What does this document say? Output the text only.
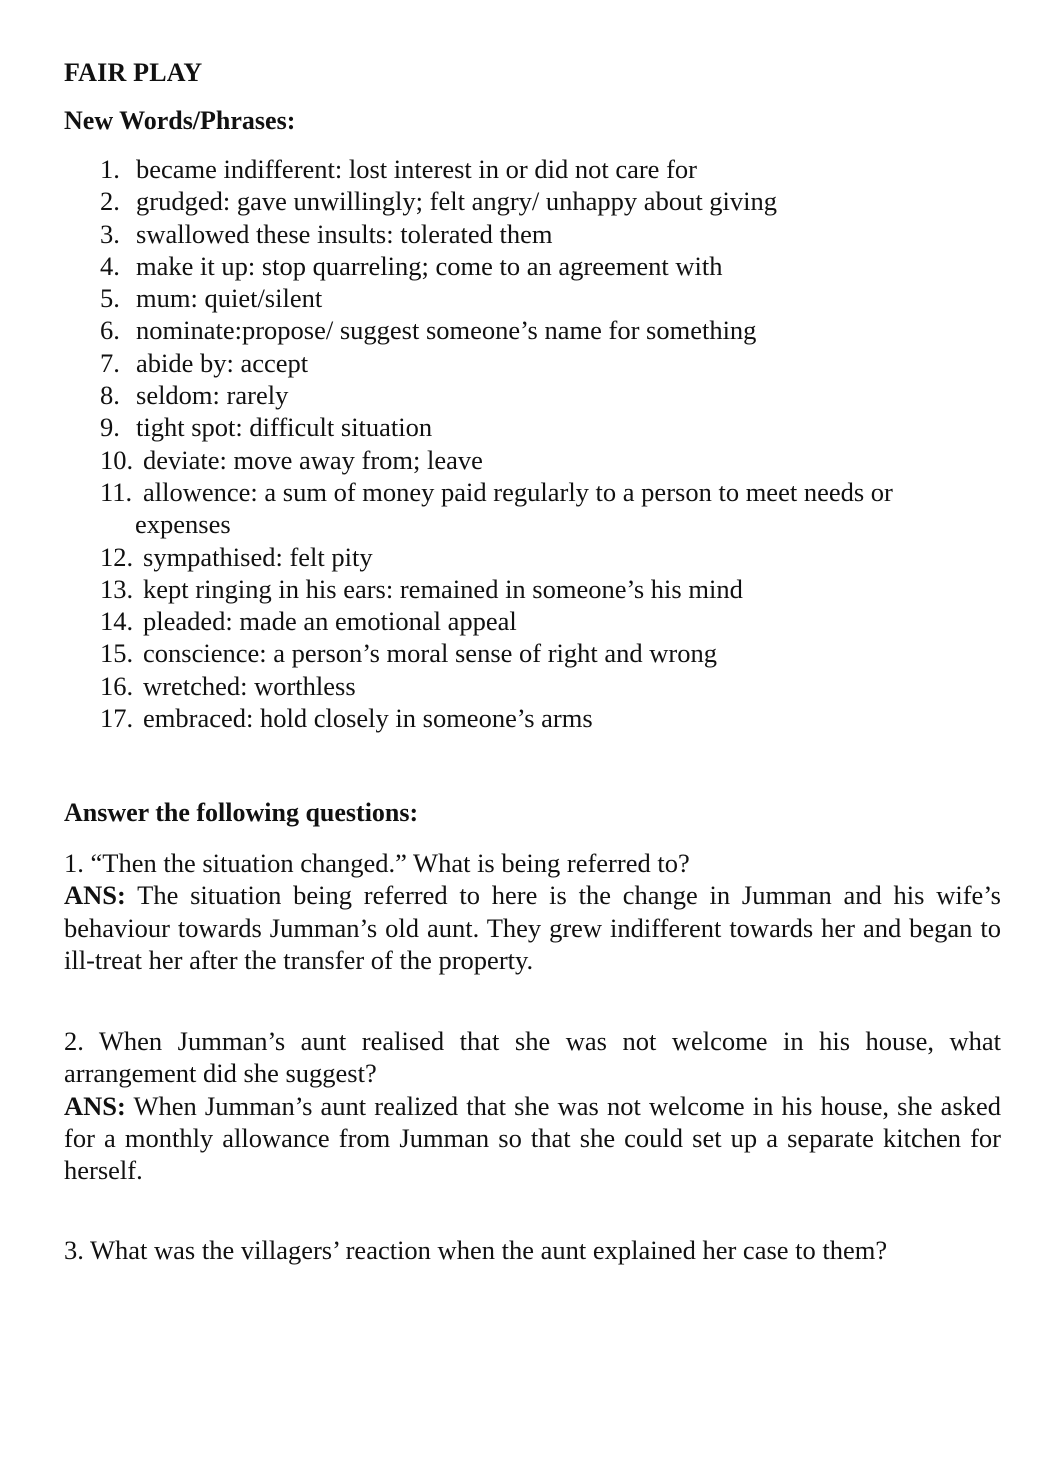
FAIR PLAY
New Words/Phrases:
1. became indifferent: lost interest in or did not care for
2. grudged: gave unwillingly; felt angry/ unhappy about giving
3. swallowed these insults: tolerated them
4. make it up: stop quarreling; come to an agreement with
5. mum: quiet/silent
6. nominate:propose/ suggest someone’s name for something
7. abide by: accept
8. seldom: rarely
9. tight spot: difficult situation
10. deviate: move away from; leave
11. allowence: a sum of money paid regularly to a person to meet needs or
expenses
12. sympathised: felt pity
13. kept ringing in his ears: remained in someone’s his mind
14. pleaded: made an emotional appeal
15. conscience: a person’s moral sense of right and wrong
16. wretched: worthless
17. embraced: hold closely in someone’s arms
Answer the following questions:

1. “Then the situation changed.” What is being referred to?

ANS: The situation being referred to here is the change in Jumman and his wife’s behaviour towards Jumman’s old aunt. They grew indifferent towards her and began to ill-treat her after the transfer of the property.

2. When Jumman’s aunt realised that she was not welcome in his house, what arrangement did she suggest?

ANS: When Jumman’s aunt realized that she was not welcome in his house, she asked for a monthly allowance from Jumman so that she could set up a separate kitchen for herself.

3. What was the villagers’ reaction when the aunt explained her case to them?
